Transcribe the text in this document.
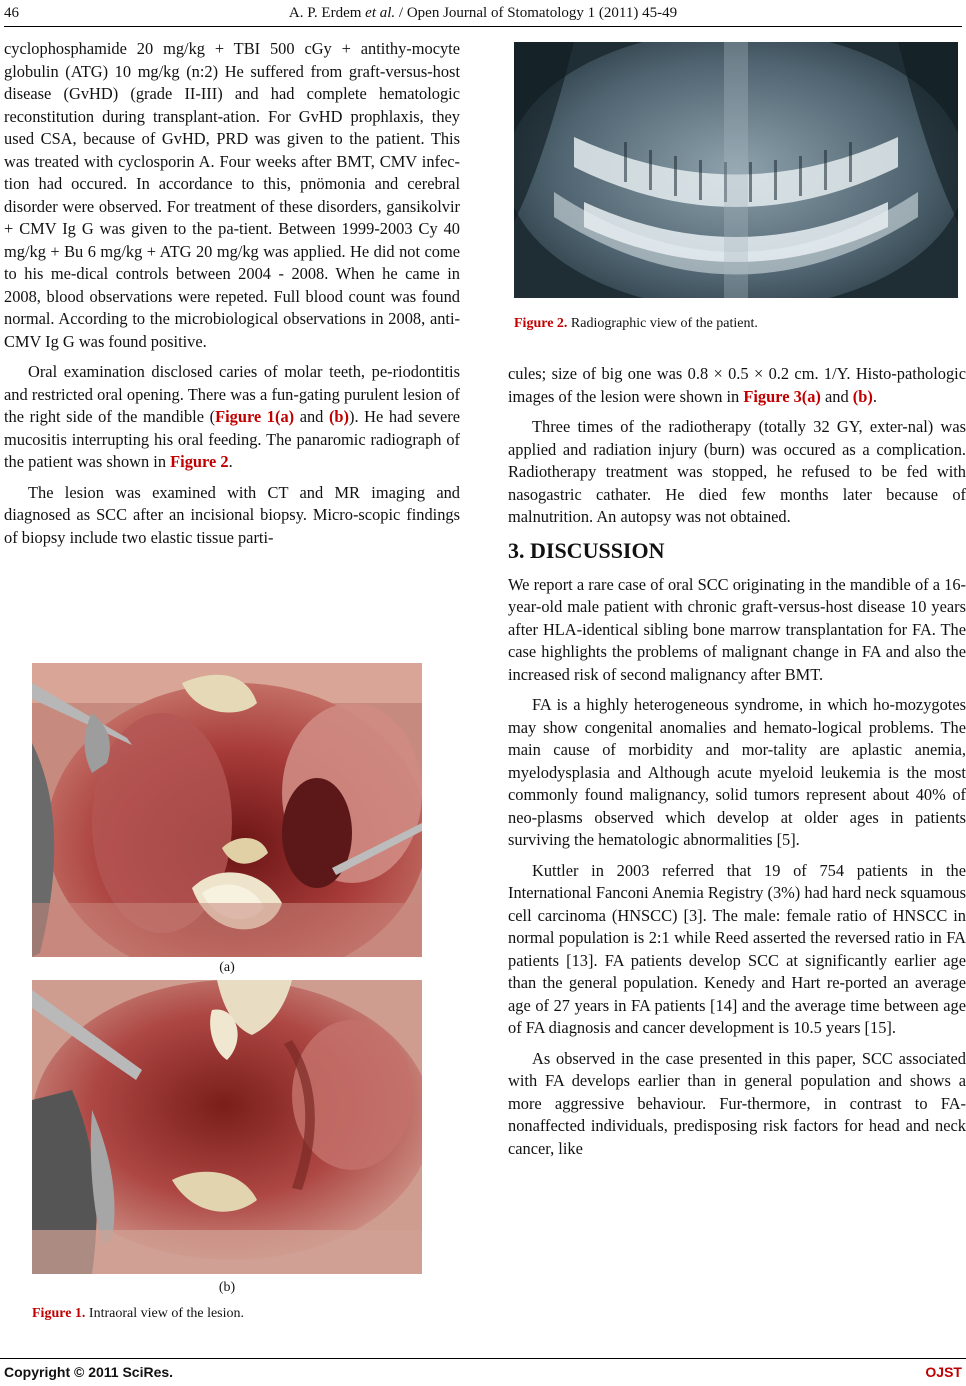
46	A. P. Erdem et al. / Open Journal of Stomatology 1 (2011) 45-49

cyclophosphamide 20 mg/kg + TBI 500 cGy + antithy-mocyte globulin (ATG) 10 mg/kg (n:2) He suffered from graft-versus-host disease (GvHD) (grade II-III) and had complete hematologic reconstitution during transplant-ation. For GvHD prophlaxis, they used CSA, because of GvHD, PRD was given to the patient. This was treated with cyclosporin A. Four weeks after BMT, CMV infec-tion had occured. In accordance to this, pnömonia and cerebral disorder were observed. For treatment of these disorders, gansikolvir + CMV Ig G was given to the pa-tient. Between 1999-2003 Cy 40 mg/kg + Bu 6 mg/kg + ATG 20 mg/kg was applied. He did not come to his me-dical controls between 2004 - 2008. When he came in 2008, blood observations were repeted. Full blood count was found normal. According to the microbiological observations in 2008, anti-CMV Ig G was found positive.

Oral examination disclosed caries of molar teeth, pe-riodontitis and restricted oral opening. There was a fun-gating purulent lesion of the right side of the mandible (Figure 1(a) and (b)). He had severe mucositis interrupting his oral feeding. The panaromic radiograph of the patient was shown in Figure 2.

The lesion was examined with CT and MR imaging and diagnosed as SCC after an incisional biopsy. Micro-scopic findings of biopsy include two elastic tissue parti-

(a)
(b)
Figure 1. Intraoral view of the lesion.
Figure 2. Radiographic view of the patient.

cules; size of big one was 0.8 × 0.5 × 0.2 cm. 1/Y. Histo-pathologic images of the lesion were shown in Figure 3(a) and (b).

Three times of the radiotherapy (totally 32 GY, exter-nal) was applied and radiation injury (burn) was occured as a complication. Radiotherapy treatment was stopped, he refused to be fed with nasogastric cathater. He died few months later because of malnutrition. An autopsy was not obtained.

3. DISCUSSION

We report a rare case of oral SCC originating in the mandible of a 16-year-old male patient with chronic graft-versus-host disease 10 years after HLA-identical sibling bone marrow transplantation for FA. The case highlights the problems of malignant change in FA and also the increased risk of second malignancy after BMT.

FA is a highly heterogeneous syndrome, in which ho-mozygotes may show congenital anomalies and hemato-logical problems. The main cause of morbidity and mor-tality are aplastic anemia, myelodysplasia and Although acute myeloid leukemia is the most commonly found malignancy, solid tumors represent about 40% of neo-plasms observed which develop at older ages in patients surviving the hematologic abnormalities [5].

Kuttler in 2003 referred that 19 of 754 patients in the International Fanconi Anemia Registry (3%) had hard neck squamous cell carcinoma (HNSCC) [3]. The male: female ratio of HNSCC in normal population is 2:1 while Reed asserted the reversed ratio in FA patients [13]. FA patients develop SCC at significantly earlier age than the general population. Kenedy and Hart re-ported an average age of 27 years in FA patients [14] and the average time between age of FA diagnosis and cancer development is 10.5 years [15].

As observed in the case presented in this paper, SCC associated with FA develops earlier than in general population and shows a more aggressive behaviour. Fur-thermore, in contrast to FA-nonaffected individuals, predisposing risk factors for head and neck cancer, like

Copyright © 2011 SciRes.	OJST
